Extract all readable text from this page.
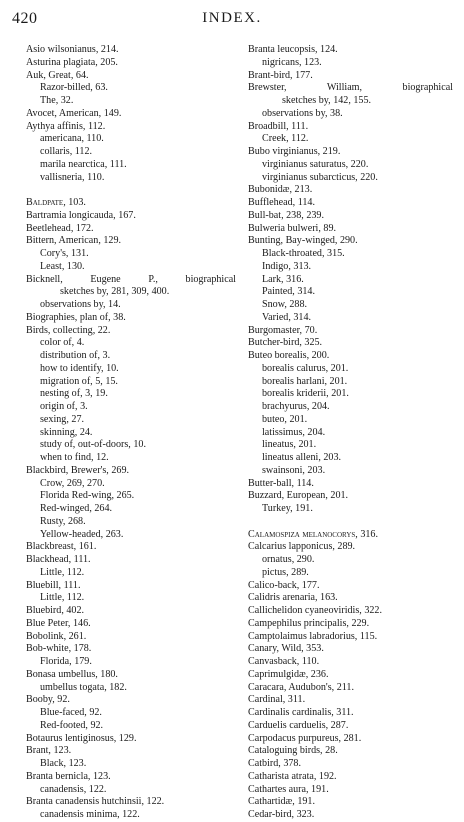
420	INDEX.
Asio wilsonianus, 214.
Asturina plagiata, 205.
Auk, Great, 64.
Razor-billed, 63.
The, 32.
Avocet, American, 149.
Aythya affinis, 112.
americana, 110.
collaris, 112.
marila nearctica, 111.
vallisneria, 110.
Baldpate, 103.
Bartramia longicauda, 167.
Beetlehead, 172.
Bittern, American, 129.
Cory's, 131.
Least, 130.
Bicknell, Eugene P., biographical
sketches by, 281, 309, 400.
observations by, 14.
Biographies, plan of, 38.
Birds, collecting, 22.
color of, 4.
distribution of, 3.
how to identify, 10.
migration of, 5, 15.
nesting of, 3, 19.
origin of, 3.
sexing, 27.
skinning, 24.
study of, out-of-doors, 10.
when to find, 12.
Blackbird, Brewer's, 269.
Crow, 269, 270.
Florida Red-wing, 265.
Red-winged, 264.
Rusty, 268.
Yellow-headed, 263.
Blackbreast, 161.
Blackhead, 111.
Little, 112.
Bluebill, 111.
Little, 112.
Bluebird, 402.
Blue Peter, 146.
Bobolink, 261.
Bob-white, 178.
Florida, 179.
Bonasa umbellus, 180.
umbellus togata, 182.
Booby, 92.
Blue-faced, 92.
Red-footed, 92.
Botaurus lentiginosus, 129.
Brant, 123.
Black, 123.
Branta bernicla, 123.
canadensis, 122.
Branta canadensis hutchinsii, 122.
canadensis minima, 122.
Branta leucopsis, 124.
nigricans, 123.
Brant-bird, 177.
Brewster, William, biographical
sketches by, 142, 155.
observations by, 38.
Broadbill, 111.
Creek, 112.
Bubo virginianus, 219.
virginianus saturatus, 220.
virginianus subarcticus, 220.
Bubonidæ, 213.
Bufflehead, 114.
Bull-bat, 238, 239.
Bulweria bulweri, 89.
Bunting, Bay-winged, 290.
Black-throated, 315.
Indigo, 313.
Lark, 316.
Painted, 314.
Snow, 288.
Varied, 314.
Burgomaster, 70.
Butcher-bird, 325.
Buteo borealis, 200.
borealis calurus, 201.
borealis harlani, 201.
borealis kriderii, 201.
brachyurus, 204.
buteo, 201.
latissimus, 204.
lineatus, 201.
lineatus alleni, 203.
swainsoni, 203.
Butter-ball, 114.
Buzzard, European, 201.
Turkey, 191.
Calamospiza melanocorys, 316.
Calcarius lapponicus, 289.
ornatus, 290.
pictus, 289.
Calico-back, 177.
Calidris arenaria, 163.
Callichelidon cyaneoviridis, 322.
Campephilus principalis, 229.
Camptolaimus labradorius, 115.
Canary, Wild, 353.
Canvasback, 110.
Caprimulgidæ, 236.
Caracara, Audubon's, 211.
Cardinal, 311.
Cardinalis cardinalis, 311.
Carduelis carduelis, 287.
Carpodacus purpureus, 281.
Cataloguing birds, 28.
Catbird, 378.
Catharista atrata, 192.
Cathartes aura, 191.
Cathartidæ, 191.
Cedar-bird, 323.
